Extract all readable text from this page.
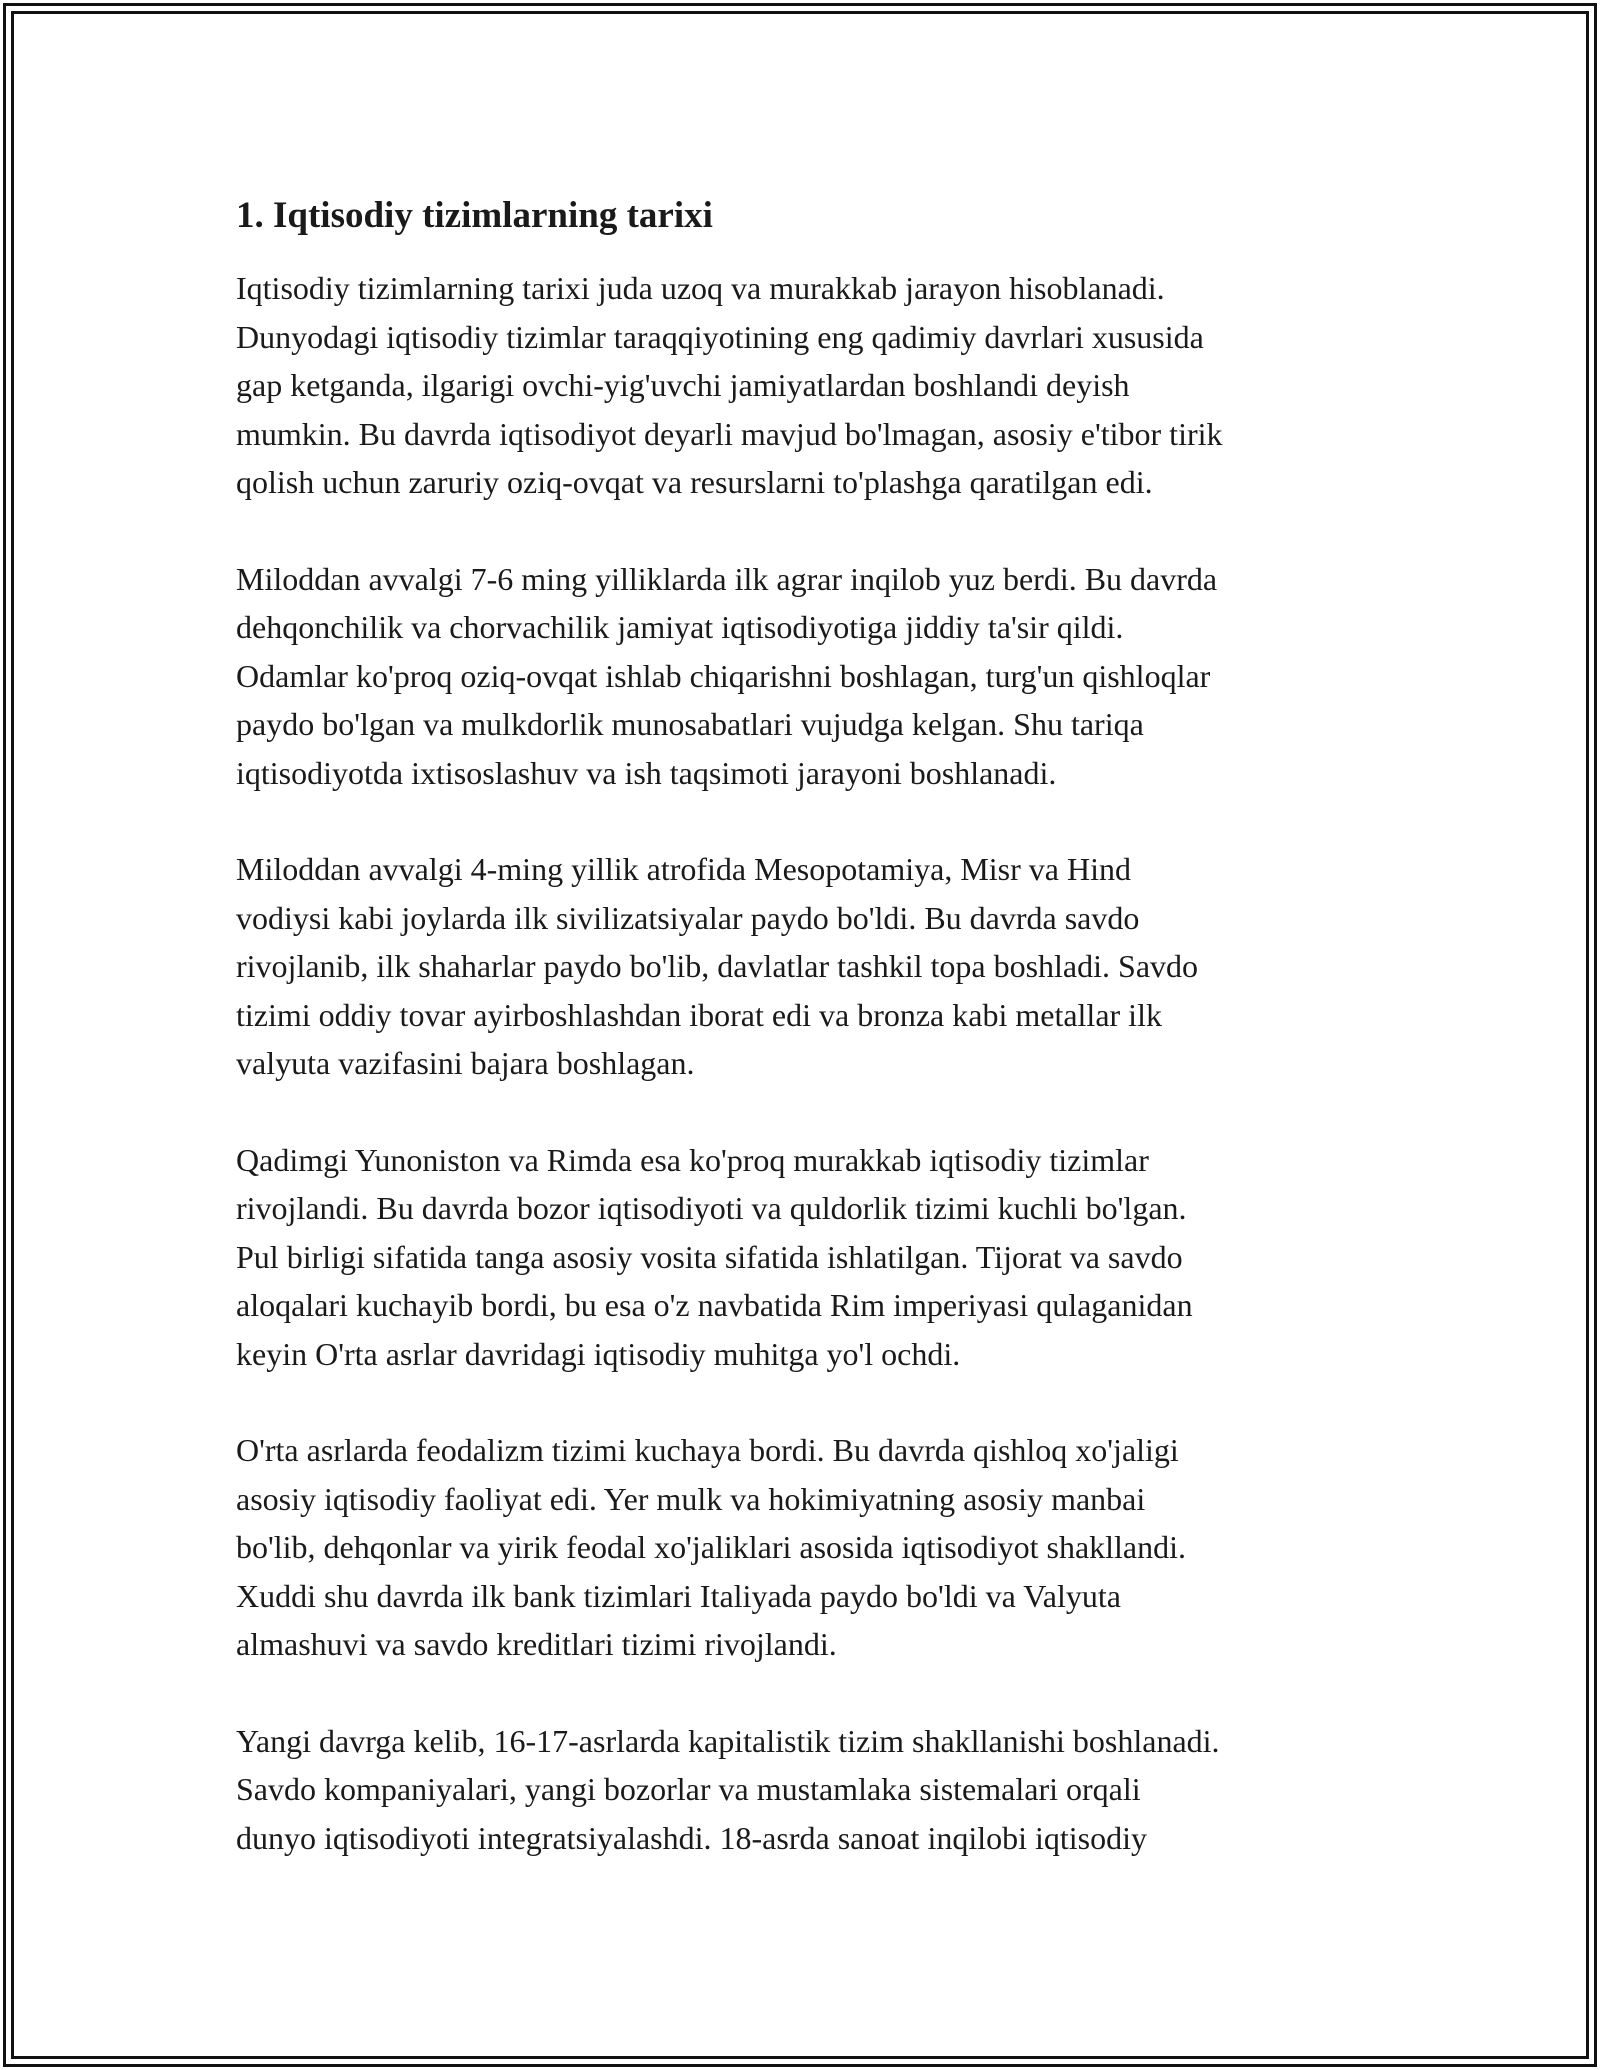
1. Iqtisodiy tizimlarning tarixi

Iqtisodiy tizimlarning tarixi juda uzoq va murakkab jarayon hisoblanadi.
Dunyodagi iqtisodiy tizimlar taraqqiyotining eng qadimiy davrlari xususida
gap ketganda, ilgarigi ovchi-yig'uvchi jamiyatlardan boshlandi deyish
mumkin. Bu davrda iqtisodiyot deyarli mavjud bo'lmagan, asosiy e'tibor tirik
qolish uchun zaruriy oziq-ovqat va resurslarni to'plashga qaratilgan edi.

Miloddan avvalgi 7-6 ming yilliklarda ilk agrar inqilob yuz berdi. Bu davrda
dehqonchilik va chorvachilik jamiyat iqtisodiyotiga jiddiy ta'sir qildi.
Odamlar ko'proq oziq-ovqat ishlab chiqarishni boshlagan, turg'un qishloqlar
paydo bo'lgan va mulkdorlik munosabatlari vujudga kelgan. Shu tariqa
iqtisodiyotda ixtisoslashuv va ish taqsimoti jarayoni boshlanadi.

Miloddan avvalgi 4-ming yillik atrofida Mesopotamiya, Misr va Hind
vodiysi kabi joylarda ilk sivilizatsiyalar paydo bo'ldi. Bu davrda savdo
rivojlanib, ilk shaharlar paydo bo'lib, davlatlar tashkil topa boshladi. Savdo
tizimi oddiy tovar ayirboshlashdan iborat edi va bronza kabi metallar ilk
valyuta vazifasini bajara boshlagan.

Qadimgi Yunoniston va Rimda esa ko'proq murakkab iqtisodiy tizimlar
rivojlandi. Bu davrda bozor iqtisodiyoti va quldorlik tizimi kuchli bo'lgan.
Pul birligi sifatida tanga asosiy vosita sifatida ishlatilgan. Tijorat va savdo
aloqalari kuchayib bordi, bu esa o'z navbatida Rim imperiyasi qulaganidan
keyin O'rta asrlar davridagi iqtisodiy muhitga yo'l ochdi.

O'rta asrlarda feodalizm tizimi kuchaya bordi. Bu davrda qishloq xo'jaligi
asosiy iqtisodiy faoliyat edi. Yer mulk va hokimiyatning asosiy manbai
bo'lib, dehqonlar va yirik feodal xo'jaliklari asosida iqtisodiyot shakllandi.
Xuddi shu davrda ilk bank tizimlari Italiyada paydo bo'ldi va Valyuta
almashuvi va savdo kreditlari tizimi rivojlandi.

Yangi davrga kelib, 16-17-asrlarda kapitalistik tizim shakllanishi boshlanadi.
Savdo kompaniyalari, yangi bozorlar va mustamlaka sistemalari orqali
dunyo iqtisodiyoti integratsiyalashdi. 18-asrda sanoat inqilobi iqtisodiy
